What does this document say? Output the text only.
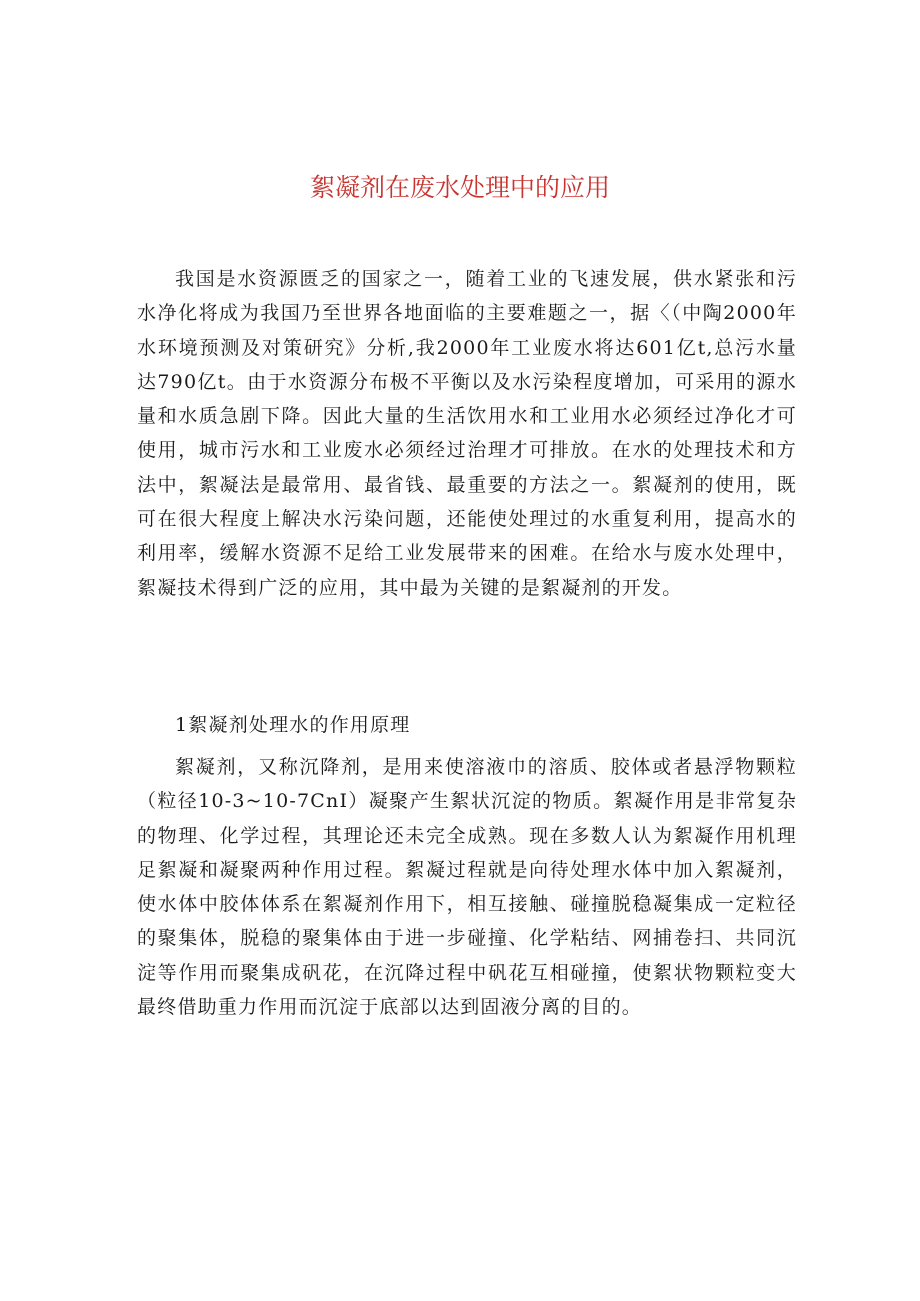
絮凝剂在废水处理中的应用

我国是水资源匮乏的国家之一，随着工业的飞速发展，供水紧张和污水净化将成为我国乃至世界各地面临的主要难题之一，据〈（中陶2000年水环境预测及对策研究》分析,我2000年工业废水将达601亿t,总污水量达790亿t。由于水资源分布极不平衡以及水污染程度增加，可采用的源水量和水质急剧下降。因此大量的生活饮用水和工业用水必须经过净化才可使用，城市污水和工业废水必须经过治理才可排放。在水的处理技术和方法中，絮凝法是最常用、最省钱、最重要的方法之一。絮凝剂的使用，既可在很大程度上解决水污染问题，还能使处理过的水重复利用，提高水的利用率，缓解水资源不足给工业发展带来的困难。在给水与废水处理中，絮凝技术得到广泛的应用，其中最为关键的是絮凝剂的开发。

1絮凝剂处理水的作用原理

絮凝剂，又称沉降剂，是用来使溶液巾的溶质、胶体或者悬浮物颗粒（粒径10-3~10-7CnI）凝聚产生絮状沉淀的物质。絮凝作用是非常复杂的物理、化学过程，其理论还未完全成熟。现在多数人认为絮凝作用机理足絮凝和凝聚两种作用过程。絮凝过程就是向待处理水体中加入絮凝剂，使水体中胶体体系在絮凝剂作用下，相互接触、碰撞脱稳凝集成一定粒径的聚集体，脱稳的聚集体由于进一步碰撞、化学粘结、网捕卷扫、共同沉淀等作用而聚集成矾花，在沉降过程中矾花互相碰撞，使絮状物颗粒变大最终借助重力作用而沉淀于底部以达到固液分离的目的。
